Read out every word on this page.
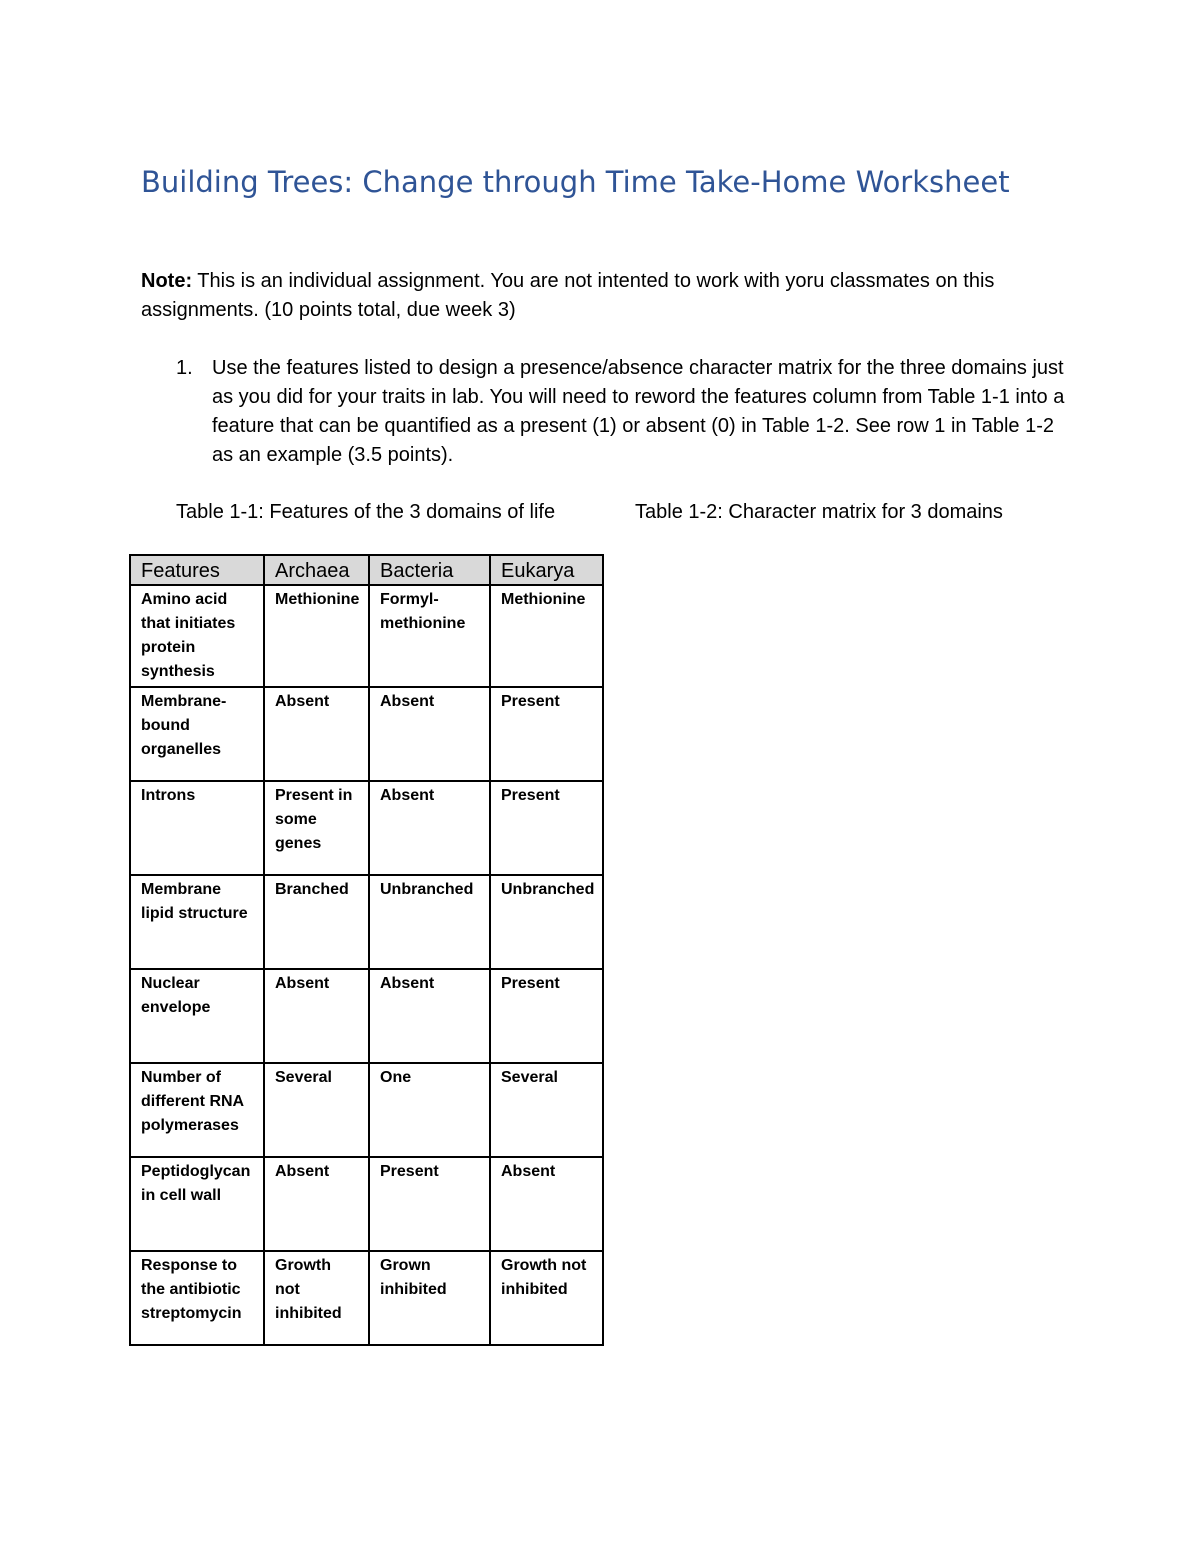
Building Trees: Change through Time Take-Home Worksheet

Note: This is an individual assignment. You are not intented to work with yoru classmates on this assignments. (10 points total, due week 3)

1. Use the features listed to design a presence/absence character matrix for the three domains just as you did for your traits in lab. You will need to reword the features column from Table 1-1 into a feature that can be quantified as a present (1) or absent (0) in Table 1-2. See row 1 in Table 1-2 as an example (3.5 points).
Table 1-1: Features of the 3 domains of life	Table 1-2: Character matrix for 3 domains
Features	Archaea	Bacteria	Eukarya
Amino acid that initiates protein synthesis	Methionine	Formyl-methionine	Methionine
Membrane-bound organelles	Absent	Absent	Present
Introns	Present in some genes	Absent	Present
Membrane lipid structure	Branched	Unbranched	Unbranched
Nuclear envelope	Absent	Absent	Present
Number of different RNA polymerases	Several	One	Several
Peptidoglycan in cell wall	Absent	Present	Absent
Response to the antibiotic streptomycin	Growth not inhibited	Grown inhibited	Growth not inhibited
